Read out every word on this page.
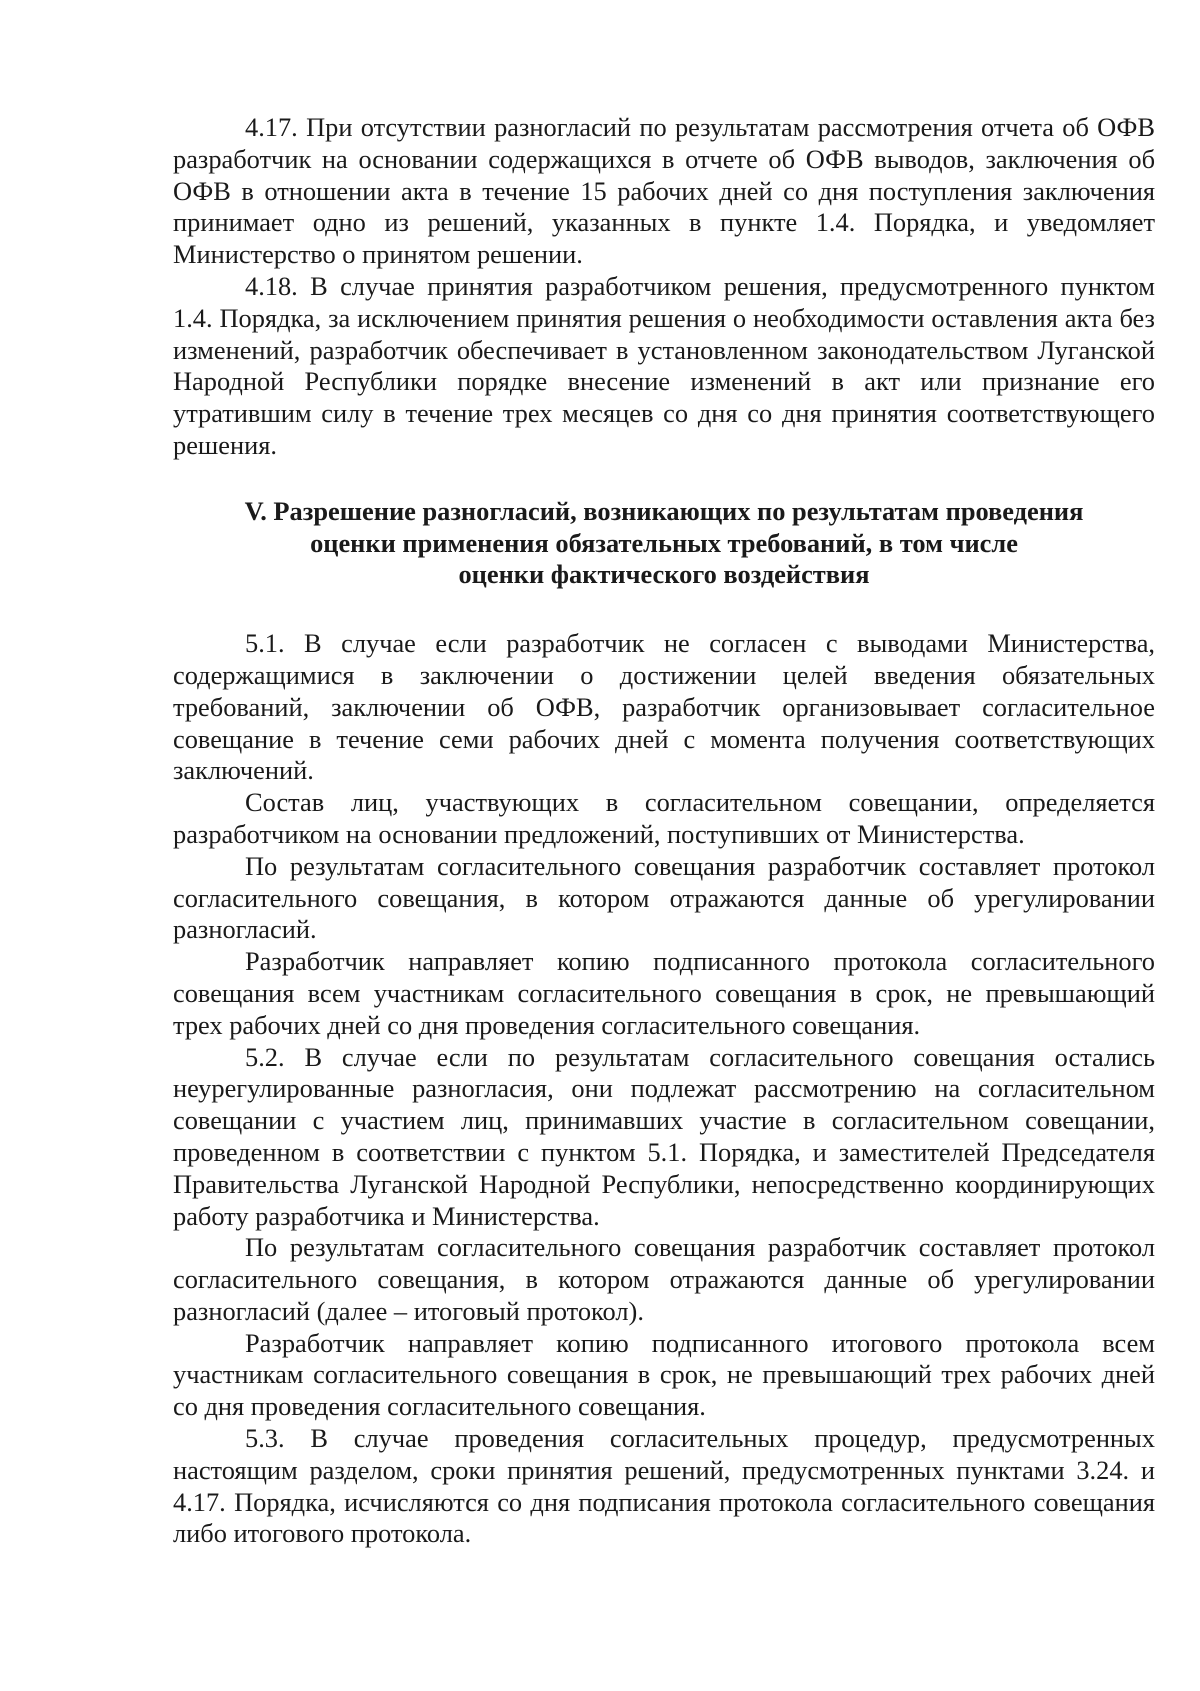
4.17. При отсутствии разногласий по результатам рассмотрения отчета об ОФВ разработчик на основании содержащихся в отчете об ОФВ выводов, заключения об ОФВ в отношении акта в течение 15 рабочих дней со дня поступления заключения принимает одно из решений, указанных в пункте 1.4. Порядка, и уведомляет Министерство о принятом решении.

4.18. В случае принятия разработчиком решения, предусмотренного пунктом 1.4. Порядка, за исключением принятия решения о необходимости оставления акта без изменений, разработчик обеспечивает в установленном законодательством Луганской Народной Республики порядке внесение изменений в акт или признание его утратившим силу в течение трех месяцев со дня со дня принятия соответствующего решения.

V. Разрешение разногласий, возникающих по результатам проведения
оценки применения обязательных требований, в том числе
оценки фактического воздействия

5.1. В случае если разработчик не согласен с выводами Министерства, содержащимися в заключении о достижении целей введения обязательных требований, заключении об ОФВ, разработчик организовывает согласительное совещание в течение семи рабочих дней с момента получения соответствующих заключений.

Состав лиц, участвующих в согласительном совещании, определяется разработчиком на основании предложений, поступивших от Министерства.

По результатам согласительного совещания разработчик составляет протокол согласительного совещания, в котором отражаются данные об урегулировании разногласий.

Разработчик направляет копию подписанного протокола согласительного совещания всем участникам согласительного совещания в срок, не превышающий трех рабочих дней со дня проведения согласительного совещания.

5.2. В случае если по результатам согласительного совещания остались неурегулированные разногласия, они подлежат рассмотрению на согласительном совещании с участием лиц, принимавших участие в согласительном совещании, проведенном в соответствии с пунктом 5.1. Порядка, и заместителей Председателя Правительства Луганской Народной Республики, непосредственно координирующих работу разработчика и Министерства.

По результатам согласительного совещания разработчик составляет протокол согласительного совещания, в котором отражаются данные об урегулировании разногласий (далее – итоговый протокол).

Разработчик направляет копию подписанного итогового протокола всем участникам согласительного совещания в срок, не превышающий трех рабочих дней со дня проведения согласительного совещания.

5.3. В случае проведения согласительных процедур, предусмотренных настоящим разделом, сроки принятия решений, предусмотренных пунктами 3.24. и 4.17. Порядка, исчисляются со дня подписания протокола согласительного совещания либо итогового протокола.
